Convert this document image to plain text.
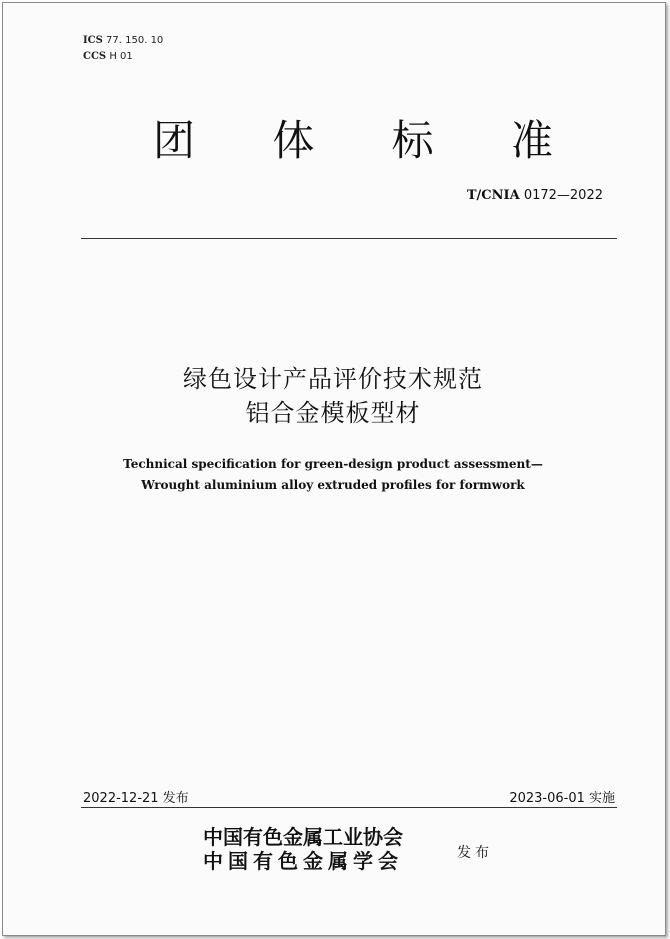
ICS 77. 150. 10
CCS H 01
团 体 标 准
T/CNIA 0172—2022
绿色设计产品评价技术规范
铝合金模板型材
Technical specification for green-design product assessment—
Wrought aluminium alloy extruded profiles for formwork
2022-12-21 发布	2023-06-01 实施
中国有色金属工业协会
中国有色金属学会	发布
